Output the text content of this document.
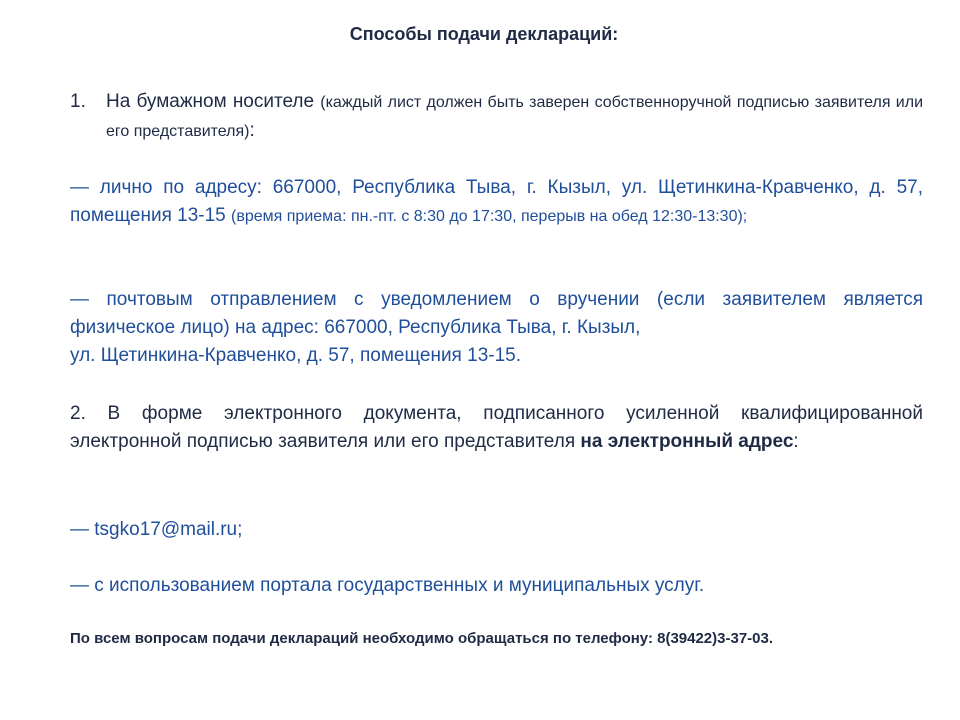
Способы подачи деклараций:
1. На бумажном носителе (каждый лист должен быть заверен собственноручной подписью заявителя или его представителя):
— лично по адресу: 667000, Республика Тыва, г. Кызыл, ул. Щетинкина-Кравченко, д. 57, помещения 13-15 (время приема: пн.-пт. с 8:30 до 17:30, перерыв на обед 12:30-13:30);
— почтовым отправлением с уведомлением о вручении (если заявителем является физическое лицо) на адрес: 667000, Республика Тыва, г. Кызыл,
ул. Щетинкина-Кравченко, д. 57, помещения 13-15.
2. В форме электронного документа, подписанного усиленной квалифицированной электронной подписью заявителя или его представителя на электронный адрес:
— tsgko17@mail.ru;
— с использованием портала государственных и муниципальных услуг.
По всем вопросам подачи деклараций необходимо обращаться по телефону: 8(39422)3-37-03.
